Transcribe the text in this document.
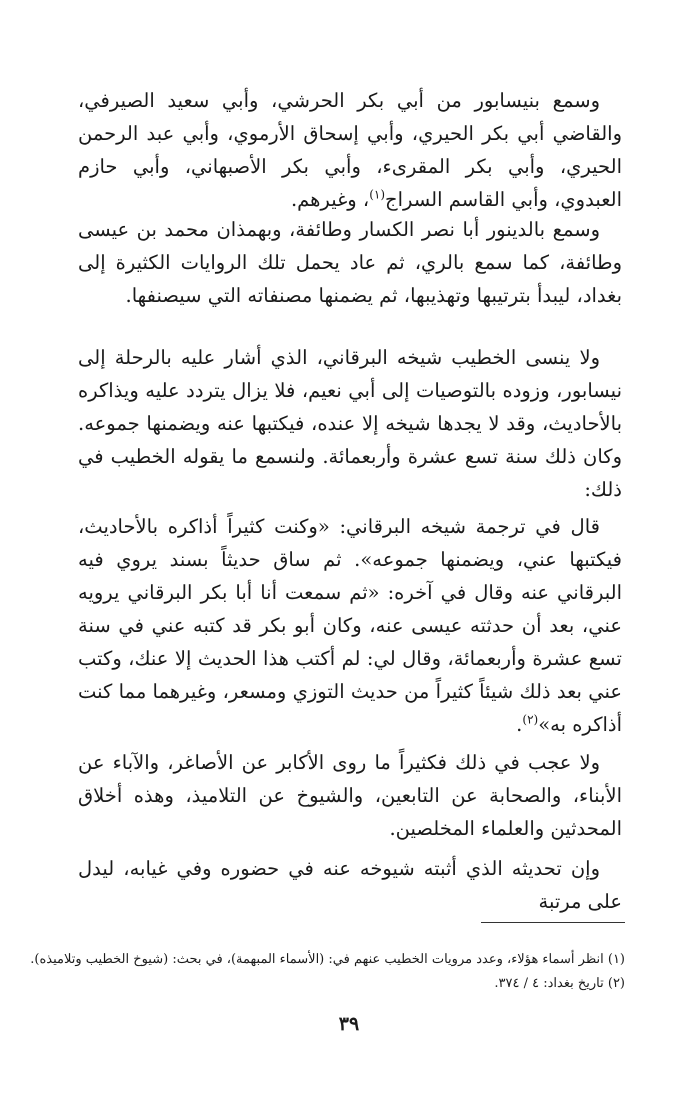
وسمع بنيسابور من أبي بكر الحرشي، وأبي سعيد الصيرفي، والقاضي أبي بكر الحيري، وأبي إسحاق الأرموي، وأبي عبد الرحمن الحيري، وأبي بكر المقرىء، وأبي بكر الأصبهاني، وأبي حازم العبدوي، وأبي القاسم السراج$^{(١)}$، وغيرهم.

وسمع بالدينور أبا نصر الكسار وطائفة، وبهمذان محمد بن عيسى وطائفة، كما سمع بالري، ثم عاد يحمل تلك الروايات الكثيرة إلى بغداد، ليبدأ بترتيبها وتهذيبها، ثم يضمنها مصنفاته التي سيصنفها.

ولا ينسى الخطيب شيخه البرقاني، الذي أشار عليه بالرحلة إلى نيسابور، وزوده بالتوصيات إلى أبي نعيم، فلا يزال يتردد عليه ويذاكره بالأحاديث، وقد لا يجدها شيخه إلا عنده، فيكتبها عنه ويضمنها جموعه. وكان ذلك سنة تسع عشرة وأربعمائة. ولنسمع ما يقوله الخطيب في ذلك:

قال في ترجمة شيخه البرقاني: «وكنت كثيراً أذاكره بالأحاديث، فيكتبها عني، ويضمنها جموعه». ثم ساق حديثاً بسند يروي فيه البرقاني عنه وقال في آخره: «ثم سمعت أنا أبا بكر البرقاني يرويه عني، بعد أن حدثته عيسى عنه، وكان أبو بكر قد كتبه عني في سنة تسع عشرة وأربعمائة، وقال لي: لم أكتب هذا الحديث إلا عنك، وكتب عني بعد ذلك شيئاً كثيراً من حديث التوزي ومسعر، وغيرهما مما كنت أذاكره به»$^{(٢)}$.

ولا عجب في ذلك فكثيراً ما روى الأكابر عن الأصاغر، والآباء عن الأبناء، والصحابة عن التابعين، والشيوخ عن التلاميذ، وهذه أخلاق المحدثين والعلماء المخلصين.

وإن تحديثه الذي أثبته شيوخه عنه في حضوره وفي غيابه، ليدل على مرتبة

(١) انظر أسماء هؤلاء، وعدد مرويات الخطيب عنهم في: (الأسماء المبهمة)، في بحث: (شيوخ الخطيب وتلاميذه).

(٢) تاريخ بغداد: ٤ / ٣٧٤.

٣٩
